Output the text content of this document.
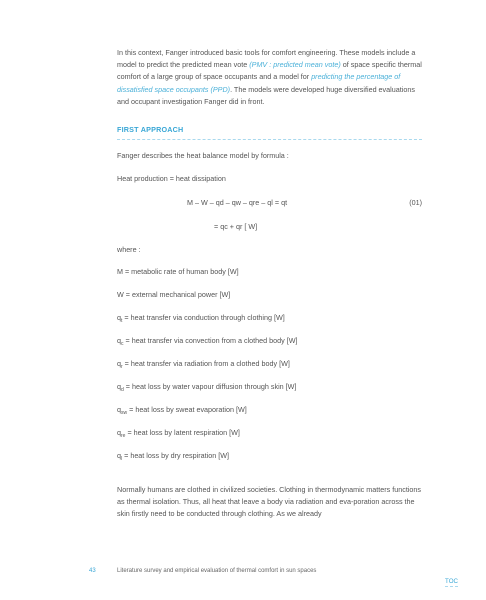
In this context, Fanger introduced basic tools for comfort engineering. These models include a model to predict the predicted mean vote (PMV : predicted mean vote) of space specific thermal comfort of a large group of space occupants and a model for predicting the percentage of dissatisfied space occupants (PPD). The models were developed huge diversified evaluations and occupant investigation Fanger did in front.

FIRST APPROACH

Fanger describes the heat balance model by formula :

Heat production = heat dissipation

M – W – qd – qw – qre – ql = qt	(01)
= qc + qr [ W]

where :

M = metabolic rate of human body [W]

W = external mechanical power [W]

$q_t$ = heat transfer via conduction through clothing [W]

$q_c$ = heat transfer via convection from a clothed body [W]

$q_r$ = heat transfer via radiation from a clothed body [W]

$q_d$ = heat loss by water vapour diffusion through skin [W]

$q_{sw}$ = heat loss by sweat evaporation [W]

$q_{re}$ = heat loss by latent respiration [W]

$q_l$ = heat loss by dry respiration [W]

Normally humans are clothed in civilized societies. Clothing in thermodynamic matters functions as thermal isolation. Thus, all heat that leave a body via radiation and eva-poration across the skin firstly need to be conducted through clothing. As we already

43	Literature survey and empirical evaluation of thermal comfort in sun spaces
TOC
